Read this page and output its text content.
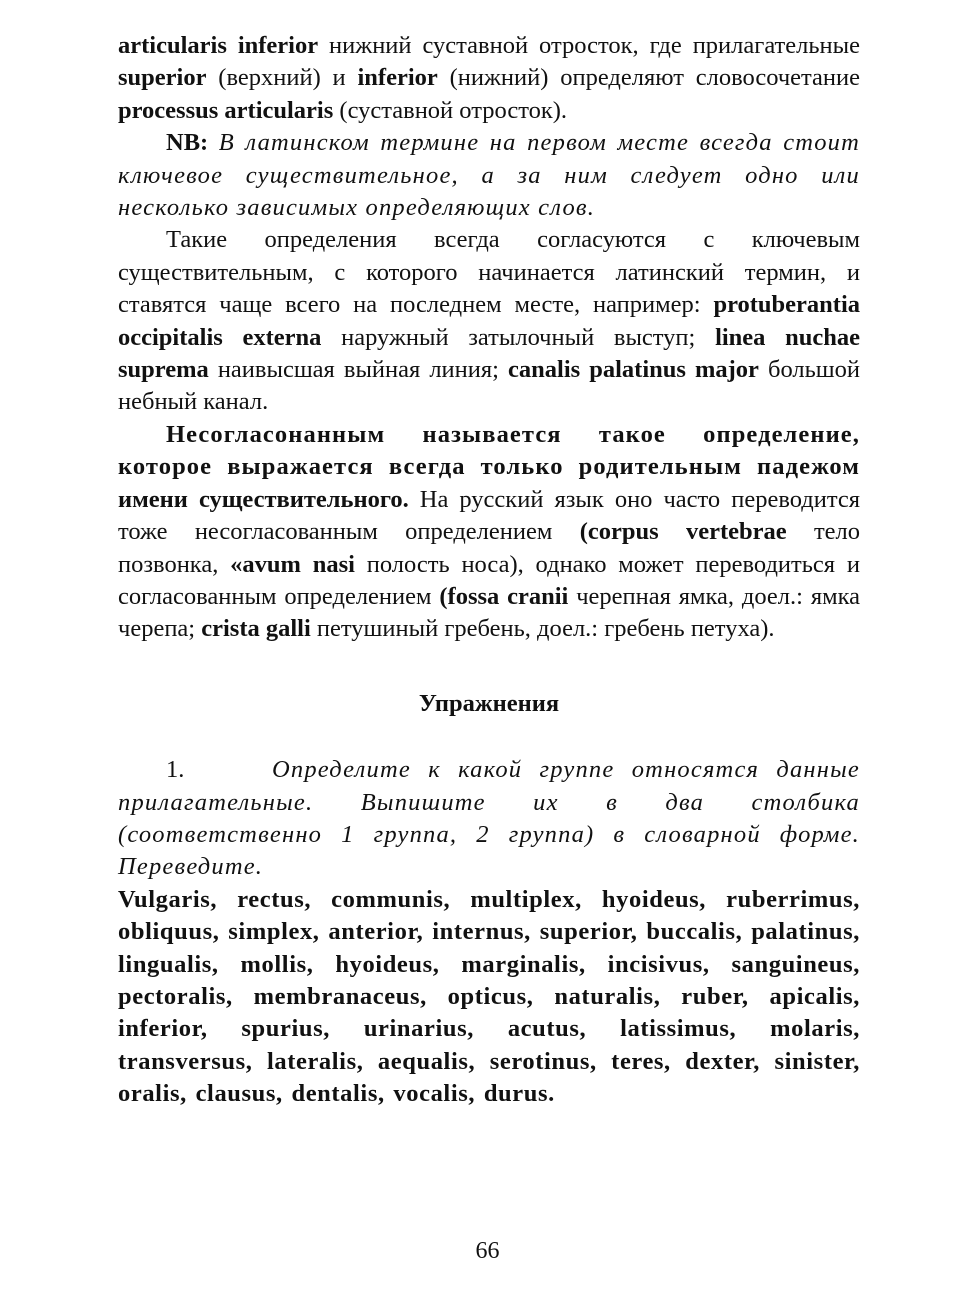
articularis inferior нижний суставной отросток, где прилагательные superior (верхний) и inferior (нижний) определяют словосочетание processus articularis (суставной отросток).

NB: В латинском термине на первом месте всегда стоит ключевое существительное, а за ним следует одно или несколько зависимых определяющих слов.

Такие определения всегда согласуются с ключевым существительным, с которого начинается латинский термин, и ставятся чаще всего на последнем месте, например: protuberantia occipitalis externa наружный затылочный выступ; linea nuchae suprema наивысшая выйная линия; canalis palatinus major большой небный канал.

Несогласонанным называется такое определение, которое выражается всегда только родительным падежом имени существительного. На русский язык оно часто переводится тоже несогласованным определением (corpus vertebrae тело позвонка, «avum nasi полость носа), однако может переводиться и согласованным определением (fossa cranii черепная ямка, доел.: ямка черепа; crista galli петушиный гребень, доел.: гребень петуха).

Упражнения

1.	Определите к какой группе относятся данные прилагательные. Выпишите их в два столбика (соответственно 1 группа, 2 группа) в словарной форме. Переведите.

Vulgaris, rectus, communis, multiplex, hyoideus, ruberrimus, obliquus, simplex, anterior, internus, superior, buccalis, palatinus, lingualis, mollis, hyoideus, marginalis, incisivus, sanguineus, pectoralis, membranaceus, opticus, naturalis, ruber, apicalis, inferior, spurius, urinarius, acutus, latissimus, molaris, transversus, lateralis, aequalis, serotinus, teres, dexter, sinister, oralis, clausus, dentalis, vocalis, durus.

66
